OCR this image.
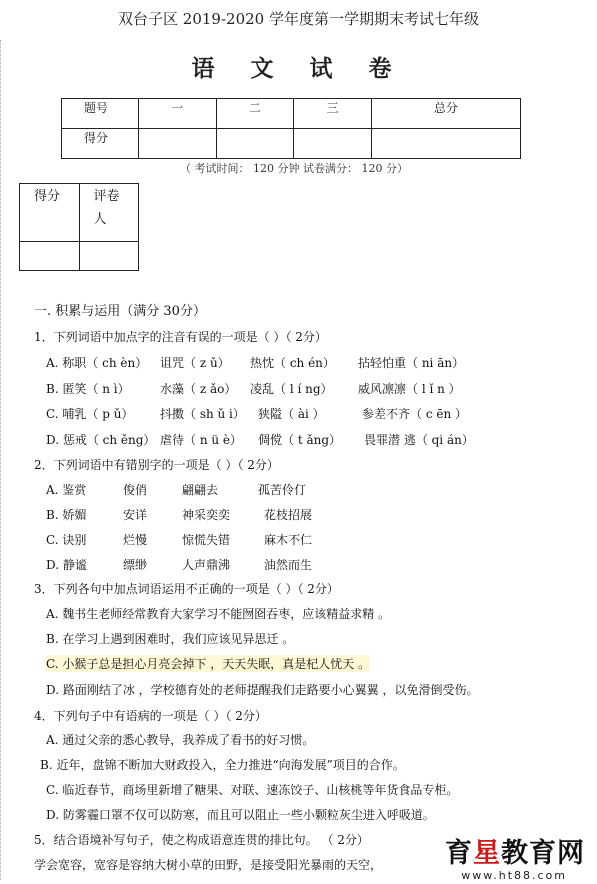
双台子区 2019-2020 学年度第一学期期末考试七年级
语 文 试 卷
题号	一	二	三	总分
得分				
（ 考试时间： 120 分钟 试卷满分： 120 分）
得分	评卷
人

一. 积累与运用（满分 30分）
1．下列词语中加点字的注音有误的一项是（ ）（ 2分）
A. 称职（ ch èn） 诅咒（ z ǔ） 热忱（ ch én） 拈轻怕重（ ni ān）
B. 匿笑（ n ì）	水藻（ z ǎo） 凌乱（ l í ng） 威风凛凛（ l ǐ n ）
C. 哺乳（ p ǔ） 抖擞（ sh ǔ i） 狭隘（ ài ）	参差不齐（ c ēn ）
D. 惩戒（ ch ěng） 虐待（ n ü è） 倜傥（ t ǎng） 畏罪潜 逃（ qi án）
2．下列词语中有错别字的一项是（ ）（ 2分）
A. 鉴赏	俊俏	翩翩去	孤苦伶仃
B. 娇媚	安详	神采奕奕	花枝招展
C. 诀别	烂慢	惊慌失错	麻木不仁
D. 静谧	缥缈	人声鼎沸	油然而生
3．下列各句中加点词语运用不正确的一项是（ ）（ 2分）
A. 魏书生老师经常教育大家学习不能囫囵吞枣，应该精益求精 。
B. 在学习上遇到困难时，我们应该见异思迁 。
C. 小猴子总是担心月亮会掉下 ，天天失眠，真是杞人忧天 。
D. 路面刚结了冰 ，学校德育处的老师提醒我们走路要小心翼翼 ，以免滑倒受伤。
4．下列句子中有语病的一项是（ ）（ 2分）
A. 通过父亲的悉心教导，我养成了看书的好习惯。
B. 近年，盘锦不断加大财政投入，全力推进“向海发展”项目的合作。
C. 临近春节，商场里新增了糖果、对联、速冻饺子、山核桃等年货食品专柜。
D. 防雾霾口罩不仅可以防寒，而且可以阻止一些小颗粒灰尘进入呼吸道。
5．结合语境补写句子，使之构成语意连贯的排比句。 （ 2分）
学会宽容，宽容是容纳大树小草的田野，是接受阳光暴雨的天空， 育星教育网
www.ht88.com
